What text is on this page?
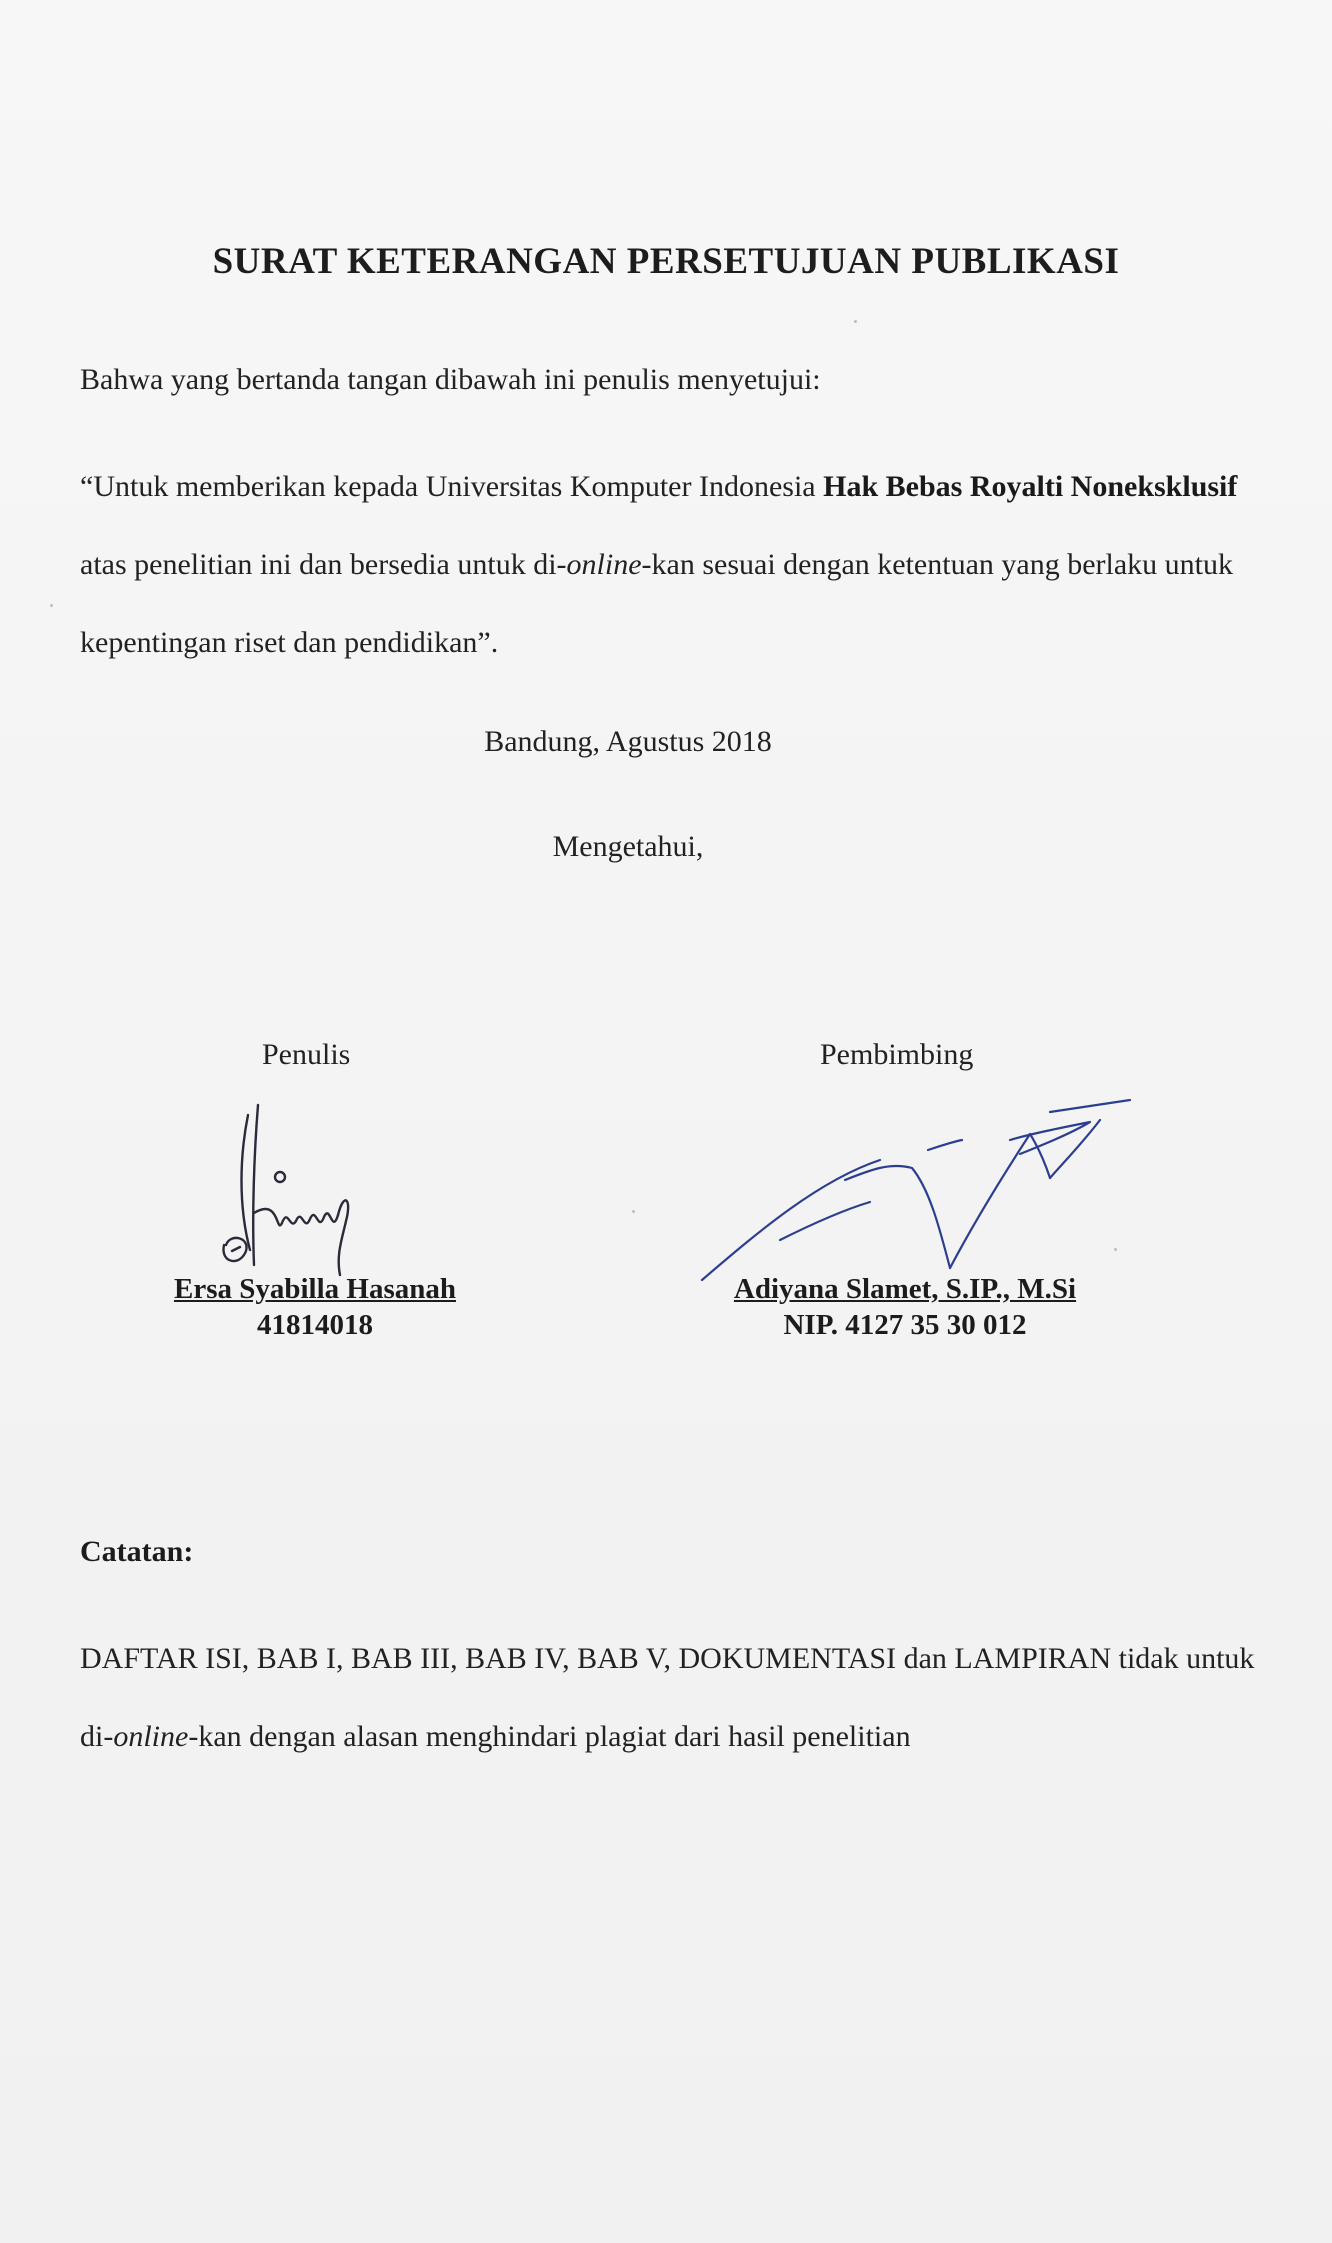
SURAT KETERANGAN PERSETUJUAN PUBLIKASI
Bahwa yang bertanda tangan dibawah ini penulis menyetujui:
“Untuk memberikan kepada Universitas Komputer Indonesia Hak Bebas Royalti Noneksklusif atas penelitian ini dan bersedia untuk di-online-kan sesuai dengan ketentuan yang berlaku untuk kepentingan riset dan pendidikan”.
Bandung, Agustus 2018
Mengetahui,
Penulis	Pembimbing
Ersa Syabilla Hasanah
41814018
Adiyana Slamet, S.IP., M.Si
NIP. 4127 35 30 012
Catatan:
DAFTAR ISI, BAB I, BAB III, BAB IV, BAB V, DOKUMENTASI dan LAMPIRAN tidak untuk di-online-kan dengan alasan menghindari plagiat dari hasil penelitian
